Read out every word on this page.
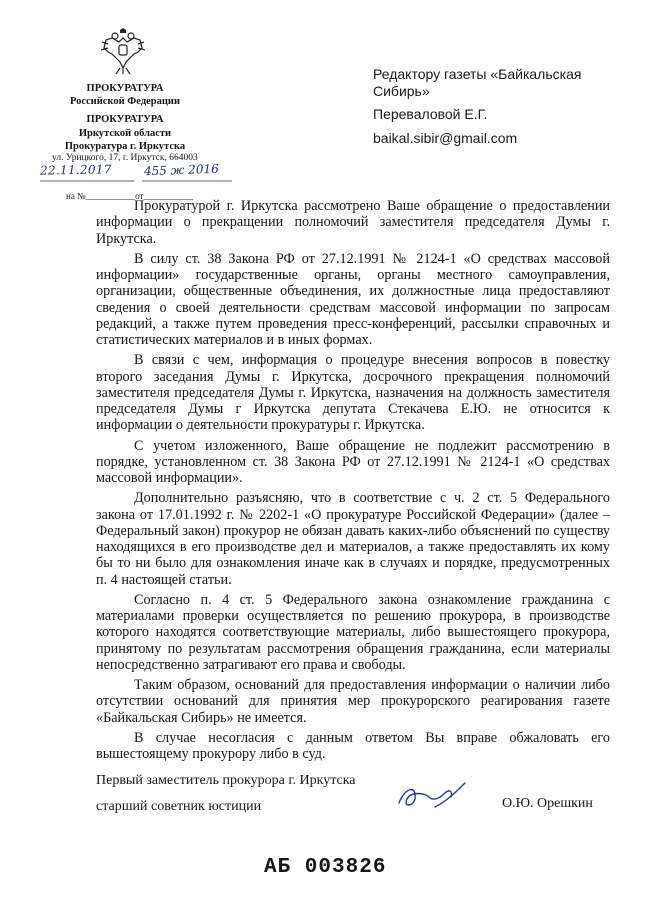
ПРОКУРАТУРА
Российской Федерации
ПРОКУРАТУРА
Иркутской области
Прокуратура г. Иркутска
ул. Урицкого, 17, г. Иркутск, 664003
22.11.2017	455 ж 2016
на №___________от___________
Редактору газеты «Байкальская
Сибирь»
Переваловой Е.Г.
baikal.sibir@gmail.com

Прокуратурой г. Иркутска рассмотрено Ваше обращение о предоставлении информации о прекращении полномочий заместителя председателя Думы г. Иркутска.

В силу ст. 38 Закона РФ от 27.12.1991 № 2124-1 «О средствах массовой информации» государственные органы, органы местного самоуправления, организации, общественные объединения, их должностные лица предоставляют сведения о своей деятельности средствам массовой информации по запросам редакций, а также путем проведения пресс-конференций, рассылки справочных и статистических материалов и в иных формах.

В связи с чем, информация о процедуре внесения вопросов в повестку второго заседания Думы г. Иркутска, досрочного прекращения полномочий заместителя председателя Думы г. Иркутска, назначения на должность заместителя председателя Думы г Иркутска депутата Стекачева Е.Ю. не относится к информации о деятельности прокуратуры г. Иркутска.

С учетом изложенного, Ваше обращение не подлежит рассмотрению в порядке, установленном ст. 38 Закона РФ от 27.12.1991 № 2124-1 «О средствах массовой информации».

Дополнительно разъясняю, что в соответствие с ч. 2 ст. 5 Федерального закона от 17.01.1992 г. № 2202-1 «О прокуратуре Российской Федерации» (далее – Федеральный закон) прокурор не обязан давать каких-либо объяснений по существу находящихся в его производстве дел и материалов, а также предоставлять их кому бы то ни было для ознакомления иначе как в случаях и порядке, предусмотренных п. 4 настоящей статьи.

Согласно п. 4 ст. 5 Федерального закона ознакомление гражданина с материалами проверки осуществляется по решению прокурора, в производстве которого находятся соответствующие материалы, либо вышестоящего прокурора, принятому по результатам рассмотрения обращения гражданина, если материалы непосредственно затрагивают его права и свободы.

Таким образом, оснований для предоставления информации о наличии либо отсутствии оснований для принятия мер прокурорского реагирования газете «Байкальская Сибирь» не имеется.

В случае несогласия с данным ответом Вы вправе обжаловать его вышестоящему прокурору либо в суд.

Первый заместитель прокурора г. Иркутска
старший советник юстиции	О.Ю. Орешкин
АБ 003826
